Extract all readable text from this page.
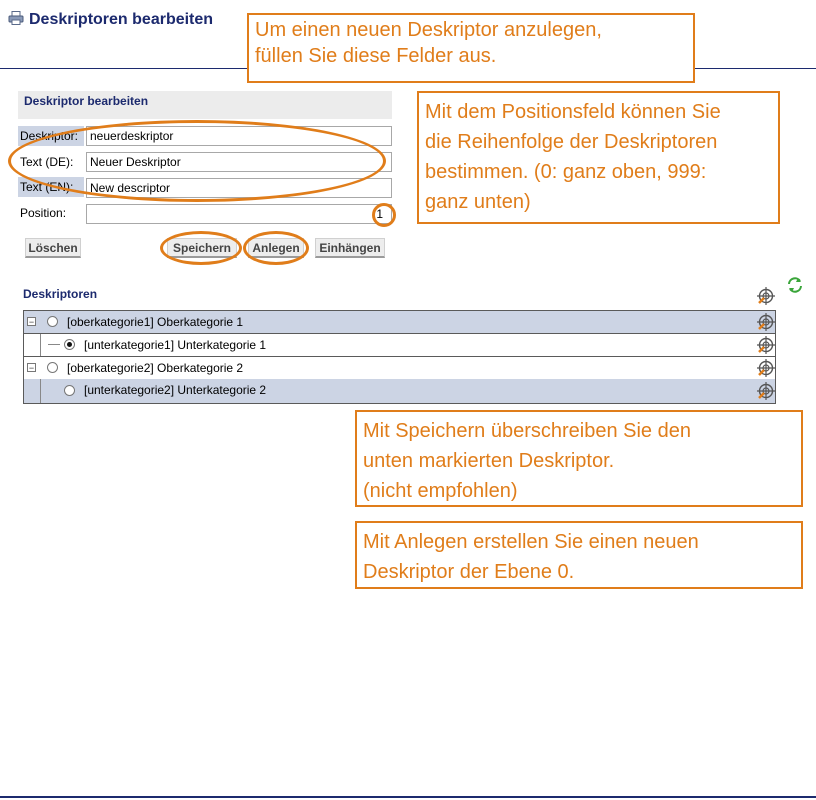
Deskriptoren bearbeiten
Deskriptor bearbeiten
Deskriptor:
neuerdeskriptor
Text (DE):
Neuer Deskriptor
Text (EN):
New descriptor
Position:
1
Löschen	Speichern	Anlegen	Einhängen
Deskriptoren
−	[oberkategorie1] Oberkategorie 1
[unterkategorie1] Unterkategorie 1
−	[oberkategorie2] Oberkategorie 2
[unterkategorie2] Unterkategorie 2
Um einen neuen Deskriptor anzulegen,
füllen Sie diese Felder aus.
Mit dem Positionsfeld können Sie
die Reihenfolge der Deskriptoren
bestimmen. (0: ganz oben, 999:
ganz unten)
Mit Speichern überschreiben Sie den
unten markierten Deskriptor.
(nicht empfohlen)
Mit Anlegen erstellen Sie einen neuen
Deskriptor der Ebene 0.
